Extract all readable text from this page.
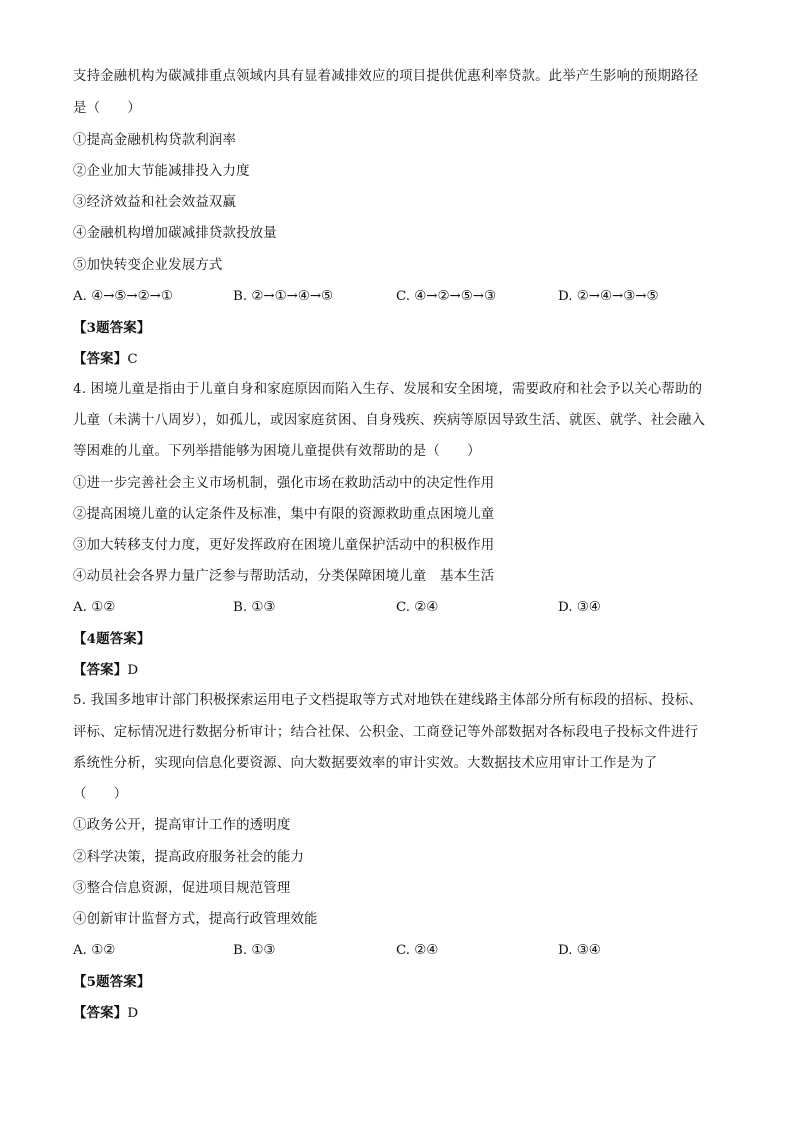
支持金融机构为碳减排重点领域内具有显着减排效应的项目提供优惠利率贷款。此举产生影响的预期路径
是（　　）
①提高金融机构贷款利润率
②企业加大节能减排投入力度
③经济效益和社会效益双赢
④金融机构增加碳减排贷款投放量
⑤加快转变企业发展方式
A. ④→⑤→②→①	B. ②→①→④→⑤	C. ④→②→⑤→③	D. ②→④→③→⑤
【3题答案】
【答案】C
4. 困境儿童是指由于儿童自身和家庭原因而陷入生存、发展和安全困境，需要政府和社会予以关心帮助的
儿童（未满十八周岁），如孤儿，或因家庭贫困、自身残疾、疾病等原因导致生活、就医、就学、社会融入
等困难的儿童。下列举措能够为困境儿童提供有效帮助的是（　　）
①进一步完善社会主义市场机制，强化市场在救助活动中的决定性作用
②提高困境儿童的认定条件及标准，集中有限的资源救助重点困境儿童
③加大转移支付力度，更好发挥政府在困境儿童保护活动中的积极作用
④动员社会各界力量广泛参与帮助活动，分类保障困境儿童　基本生活
A. ①②	B. ①③	C. ②④	D. ③④
【4题答案】
【答案】D
5. 我国多地审计部门积极探索运用电子文档提取等方式对地铁在建线路主体部分所有标段的招标、投标、
评标、定标情况进行数据分析审计；结合社保、公积金、工商登记等外部数据对各标段电子投标文件进行
系统性分析，实现向信息化要资源、向大数据要效率的审计实效。大数据技术应用审计工作是为了
（　　）
①政务公开，提高审计工作的透明度
②科学决策，提高政府服务社会的能力
③整合信息资源，促进项目规范管理
④创新审计监督方式，提高行政管理效能
A. ①②	B. ①③	C. ②④	D. ③④
【5题答案】
【答案】D
